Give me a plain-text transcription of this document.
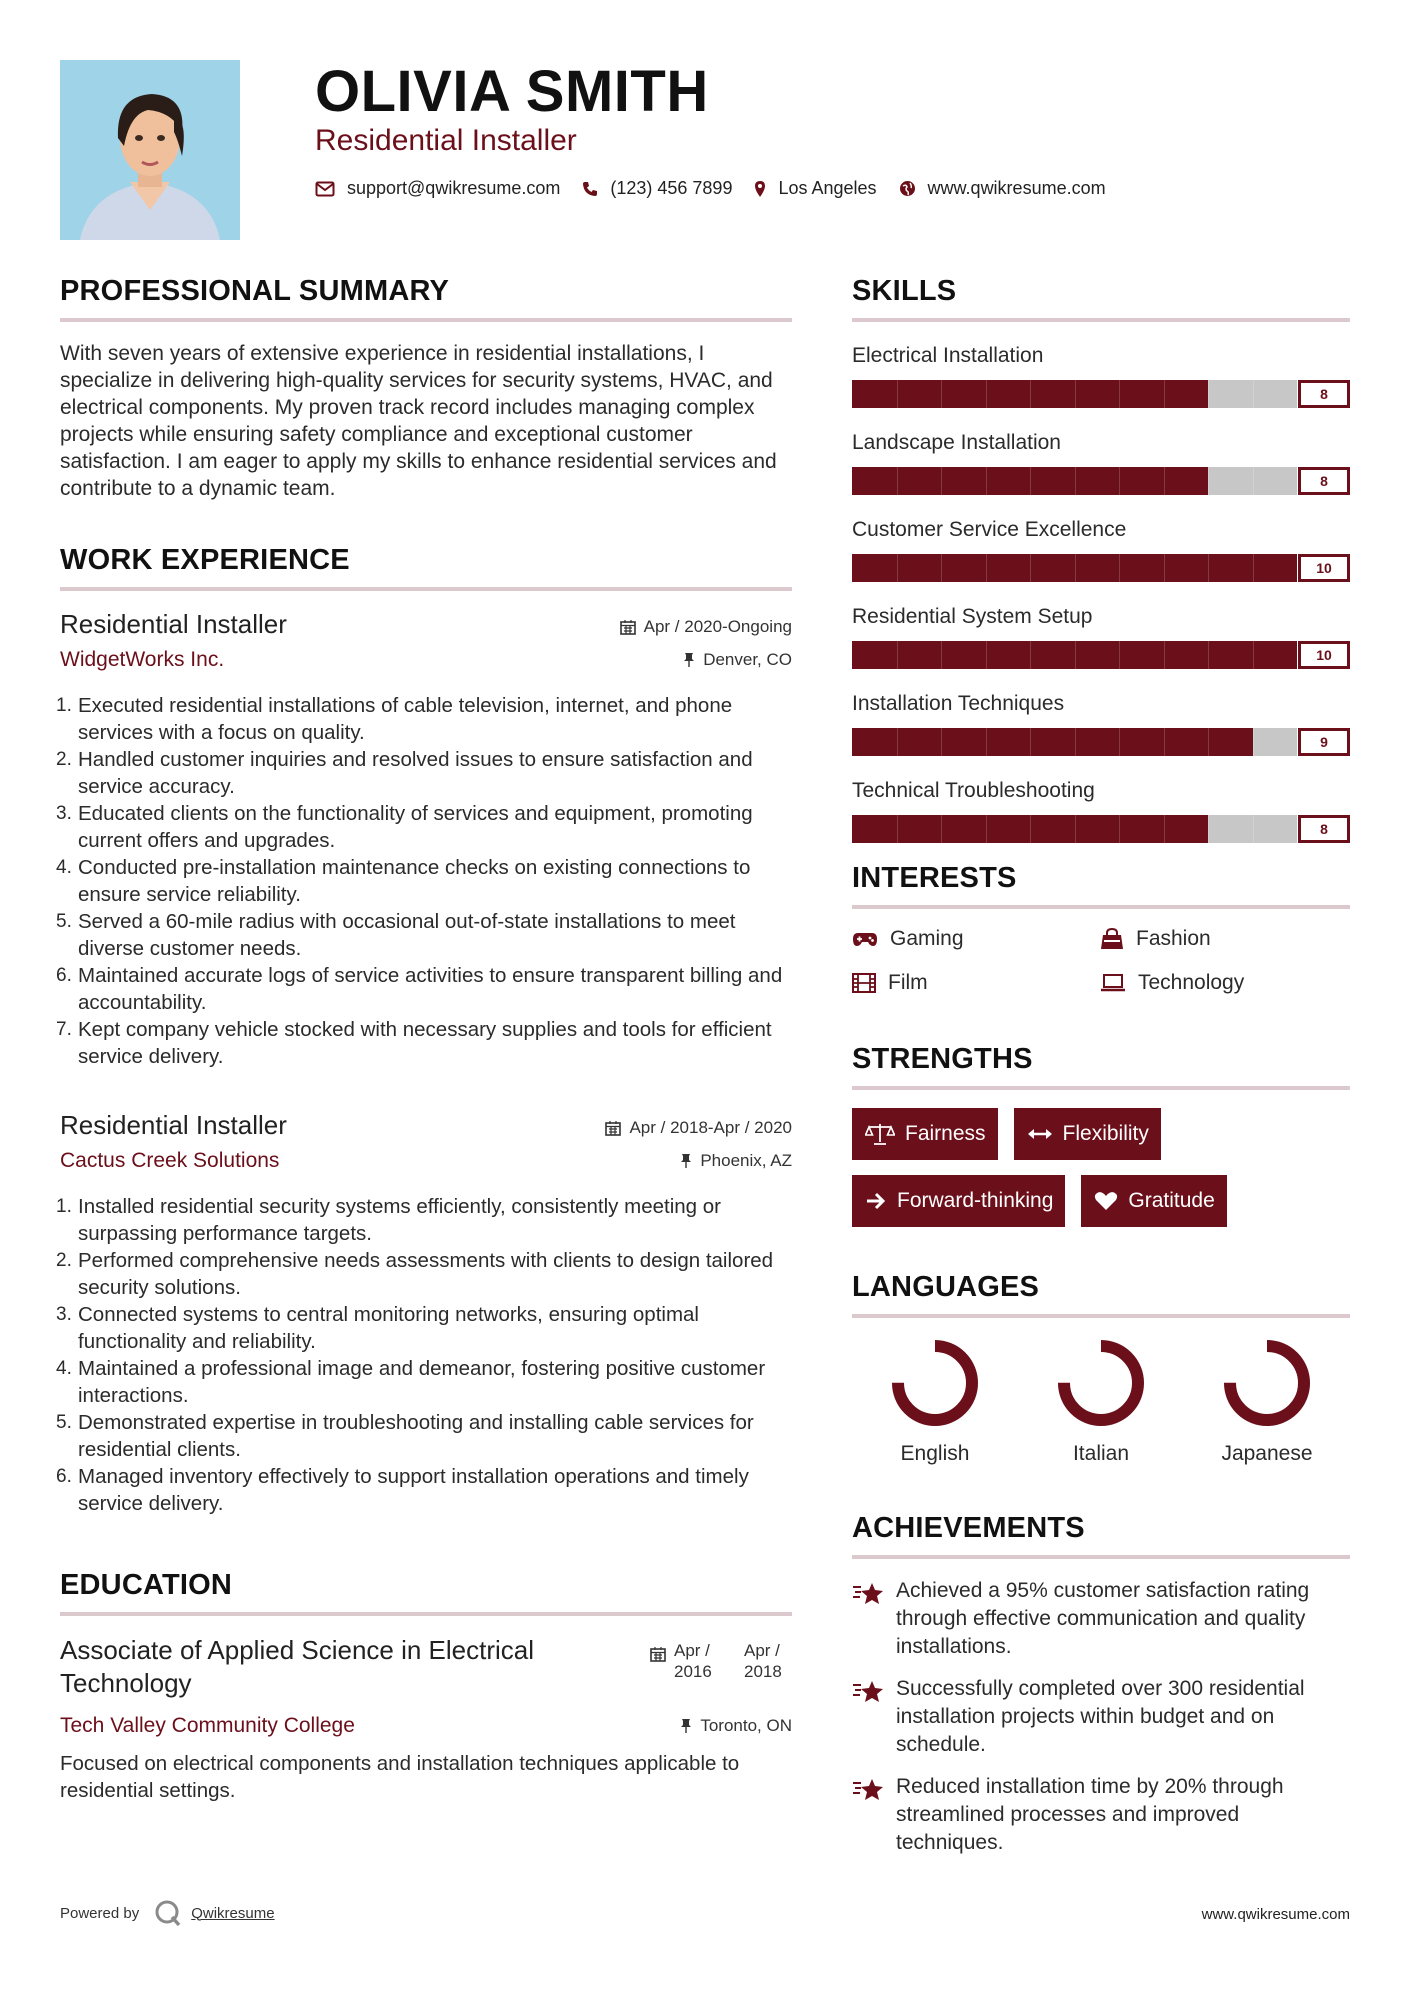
OLIVIA SMITH
Residential Installer
support@qwikresume.com	(123) 456 7899	Los Angeles	www.qwikresume.com
PROFESSIONAL SUMMARY
With seven years of extensive experience in residential installations, I specialize in delivering high-quality services for security systems, HVAC, and electrical components. My proven track record includes managing complex projects while ensuring safety compliance and exceptional customer satisfaction. I am eager to apply my skills to enhance residential services and contribute to a dynamic team.
WORK EXPERIENCE
Residential Installer	Apr / 2020-Ongoing
WidgetWorks Inc.	Denver, CO
1. Executed residential installations of cable television, internet, and phone services with a focus on quality.
2. Handled customer inquiries and resolved issues to ensure satisfaction and service accuracy.
3. Educated clients on the functionality of services and equipment, promoting current offers and upgrades.
4. Conducted pre-installation maintenance checks on existing connections to ensure service reliability.
5. Served a 60-mile radius with occasional out-of-state installations to meet diverse customer needs.
6. Maintained accurate logs of service activities to ensure transparent billing and accountability.
7. Kept company vehicle stocked with necessary supplies and tools for efficient service delivery.
Residential Installer	Apr / 2018-Apr / 2020
Cactus Creek Solutions	Phoenix, AZ
1. Installed residential security systems efficiently, consistently meeting or surpassing performance targets.
2. Performed comprehensive needs assessments with clients to design tailored security solutions.
3. Connected systems to central monitoring networks, ensuring optimal functionality and reliability.
4. Maintained a professional image and demeanor, fostering positive customer interactions.
5. Demonstrated expertise in troubleshooting and installing cable services for residential clients.
6. Managed inventory effectively to support installation operations and timely service delivery.
EDUCATION
Associate of Applied Science in Electrical Technology
Apr / 2016
Apr / 2018
Tech Valley Community College	Toronto, ON
Focused on electrical components and installation techniques applicable to residential settings.
SKILLS
Electrical Installation
8
Landscape Installation
8
Customer Service Excellence
10
Residential System Setup
10
Installation Techniques
9
Technical Troubleshooting
8
INTERESTS
Gaming	Fashion
Film	Technology
STRENGTHS
Fairness	Flexibility
Forward-thinking	Gratitude
LANGUAGES
English	Italian	Japanese
ACHIEVEMENTS
Achieved a 95% customer satisfaction rating through effective communication and quality installations.
Successfully completed over 300 residential installation projects within budget and on schedule.
Reduced installation time by 20% through streamlined processes and improved techniques.
Powered by	Qwikresume	www.qwikresume.com
